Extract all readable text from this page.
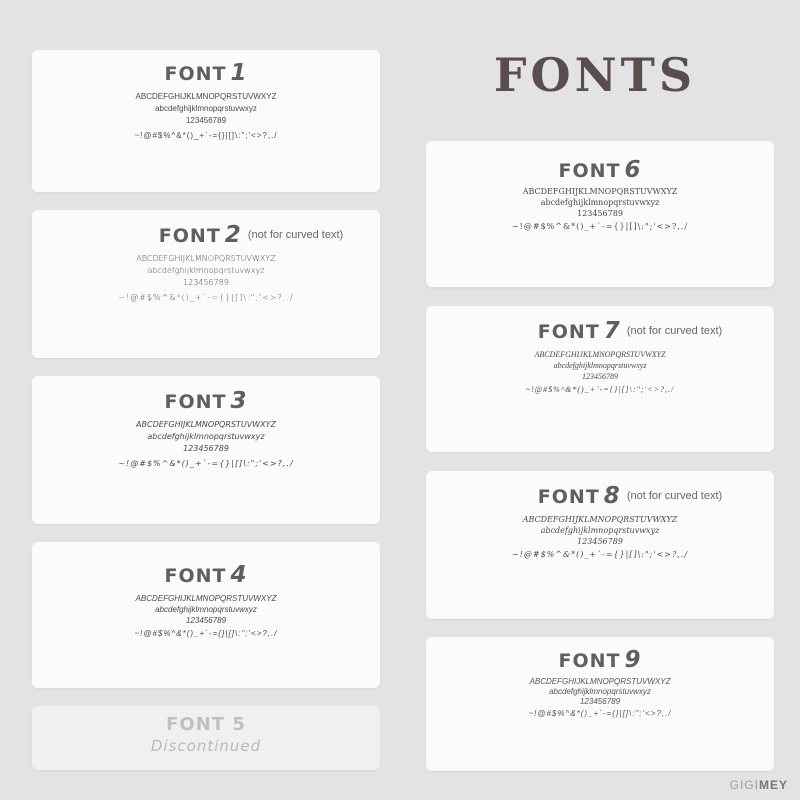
FONTS
FONT 1
ABCDEFGHIJKLMNOPQRSTUVWXYZ
abcdefghijklmnopqrstuvwxyz
123456789
~!@#$%^&*()_+`-={}|[]\:";'<>?,./
FONT 2 $^{(not for curved text)}$
ABCDEFGHIJKLMNOPQRSTUVWXYZ
abcdefghijklmnopqrstuvwxyz
123456789
~!@#$%^&*()_+`-={}|[]\:";'<>?,./
FONT 3
ABCDEFGHIJKLMNOPQRSTUVWXYZ
abcdefghijklmnopqrstuvwxyz
123456789
~!@#$%^&*()_+`-={}|[]\:";'<>?,./
FONT 4
ABCDEFGHIJKLMNOPQRSTUVWXYZ
abcdefghijklmnopqrstuvwxyz
123456789
~!@#$%^&*()_+`-={}|[]\:";'<>?,./
FONT 5
Discontinued
FONT 6
ABCDEFGHIJKLMNOPQRSTUVWXYZ
abcdefghijklmnopqrstuvwxyz
123456789
~!@#$%^&*()_+`-={}|[]\:";'<>?,./
FONT 7 $^{(not for curved text)}$
ABCDEFGHIJKLMNOPQRSTUVWXYZ
abcdefghijklmnopqrstuvwxyz
123456789
~!@#$%^&*()_+`-={}|[]\:";'<>?,./
FONT 8 $^{(not for curved text)}$
ABCDEFGHIJKLMNOPQRSTUVWXYZ
abcdefghijklmnopqrstuvwxyz
123456789
~!@#$%^&*()_+`-={}|[]\:";'<>?,./
FONT 9
ABCDEFGHIJKLMNOPQRSTUVWXYZ
abcdefghijklmnopqrstuvwxyz
123456789
~!@#$%^&*()_+`-={}|[]\:";'<>?,./
GIGIMEY
